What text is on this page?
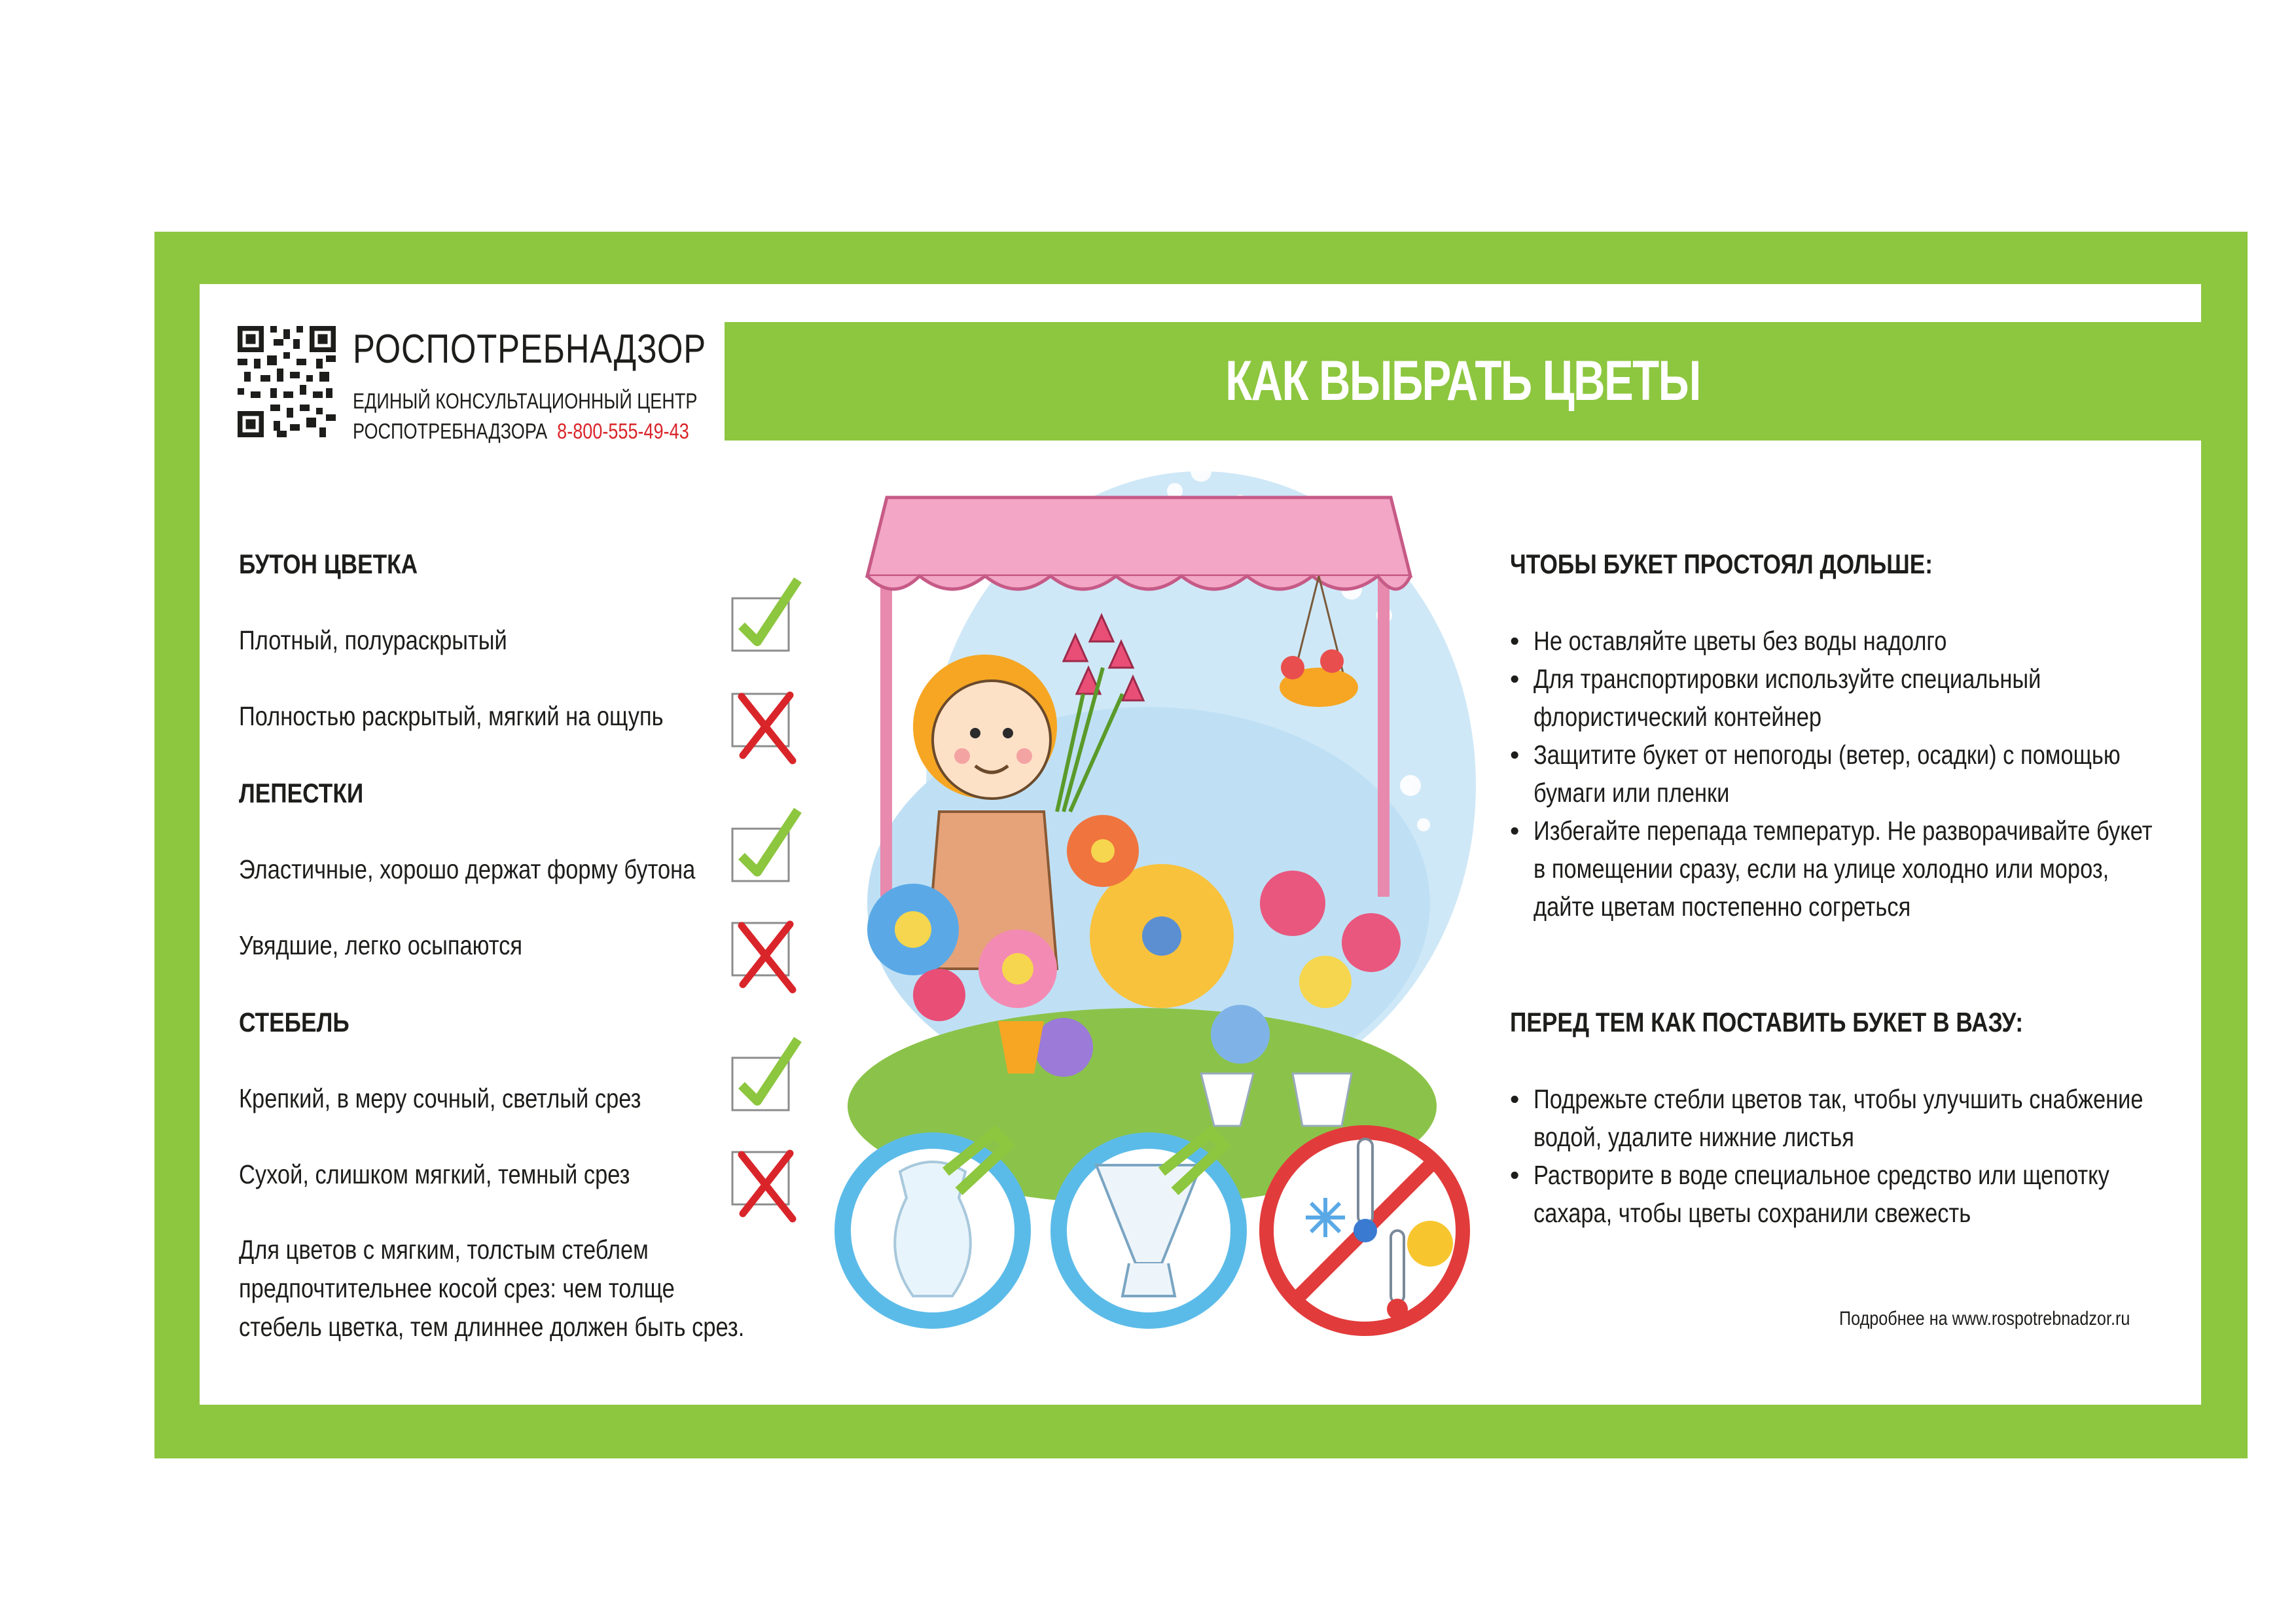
РОСПОТРЕБНАДЗОР
ЕДИНЫЙ КОНСУЛЬТАЦИОННЫЙ ЦЕНТР
РОСПОТРЕБНАДЗОРА 8-800-555-49-43
КАК ВЫБРАТЬ ЦВЕТЫ
БУТОН ЦВЕТКА
Плотный, полураскрытый
Полностью раскрытый, мягкий на ощупь
ЛЕПЕСТКИ
Эластичные, хорошо держат форму бутона
Увядшие, легко осыпаются
СТЕБЕЛЬ
Крепкий, в меру сочный, светлый срез
Сухой, слишком мягкий, темный срез
Для цветов с мягким, толстым стеблем
предпочтительнее косой срез: чем толще
стебель цветка, тем длиннее должен быть срез.
ЧТОБЫ БУКЕТ ПРОСТОЯЛ ДОЛЬШЕ:
• Не оставляйте цветы без воды надолго
• Для транспортировки используйте специальный
флористический контейнер
• Защитите букет от непогоды (ветер, осадки) с помощью
бумаги или пленки
• Избегайте перепада температур. Не разворачивайте букет
в помещении сразу, если на улице холодно или мороз,
дайте цветам постепенно согреться
ПЕРЕД ТЕМ КАК ПОСТАВИТЬ БУКЕТ В ВАЗУ:
• Подрежьте стебли цветов так, чтобы улучшить снабжение
водой, удалите нижние листья
• Растворите в воде специальное средство или щепотку
сахара, чтобы цветы сохранили свежесть
Подробнее на www.rospotrebnadzor.ru
